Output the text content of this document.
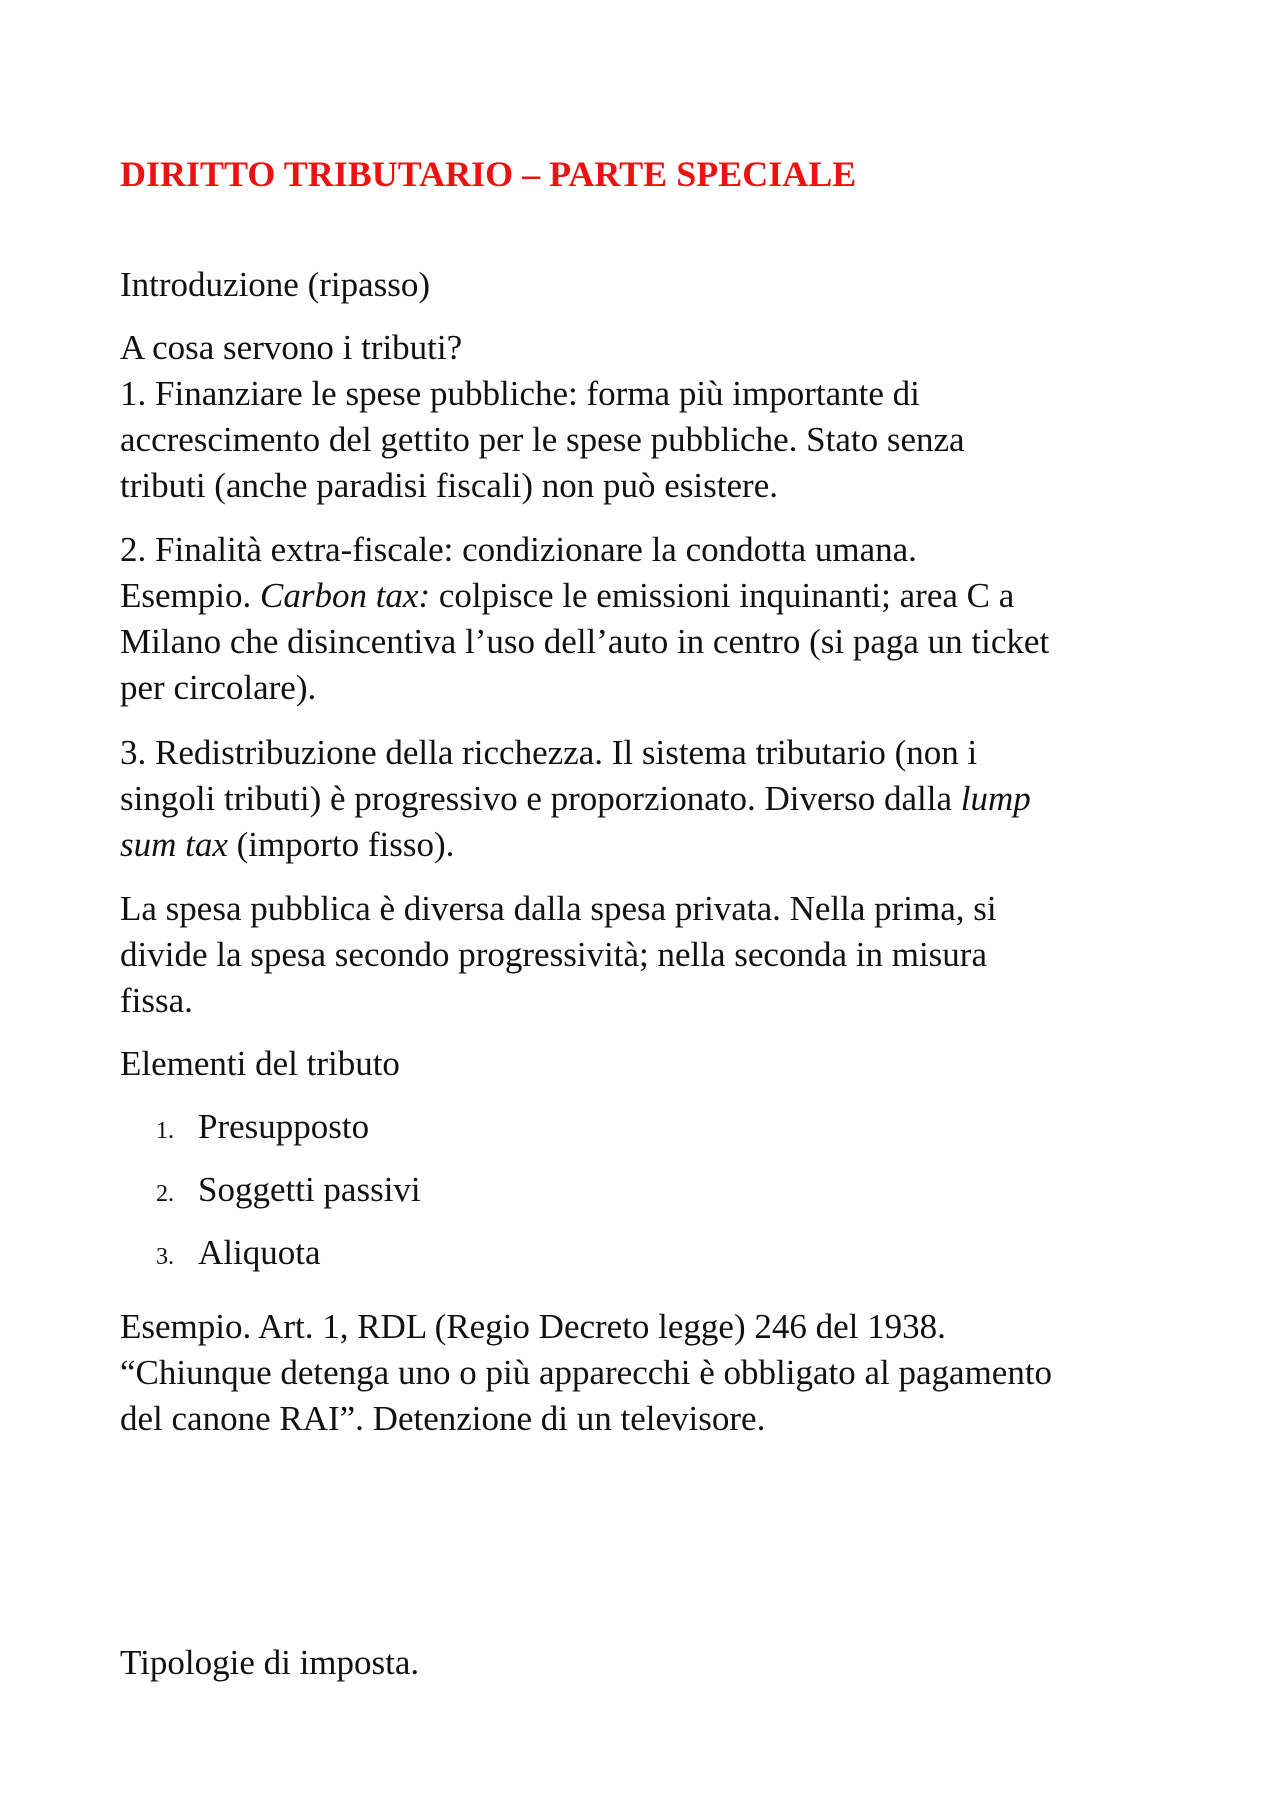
DIRITTO TRIBUTARIO – PARTE SPECIALE

Introduzione (ripasso)

A cosa servono i tributi?
1. Finanziare le spese pubbliche: forma più importante di
accrescimento del gettito per le spese pubbliche. Stato senza
tributi (anche paradisi fiscali) non può esistere.

2. Finalità extra-fiscale: condizionare la condotta umana.
Esempio. Carbon tax: colpisce le emissioni inquinanti; area C a
Milano che disincentiva l’uso dell’auto in centro (si paga un ticket
per circolare).

3. Redistribuzione della ricchezza. Il sistema tributario (non i
singoli tributi) è progressivo e proporzionato. Diverso dalla lump
sum tax (importo fisso).

La spesa pubblica è diversa dalla spesa privata. Nella prima, si
divide la spesa secondo progressività; nella seconda in misura
fissa.

Elementi del tributo

1. Presupposto
2. Soggetti passivi
3. Aliquota

Esempio. Art. 1, RDL (Regio Decreto legge) 246 del 1938.
“Chiunque detenga uno o più apparecchi è obbligato al pagamento
del canone RAI”. Detenzione di un televisore.

Tipologie di imposta.
